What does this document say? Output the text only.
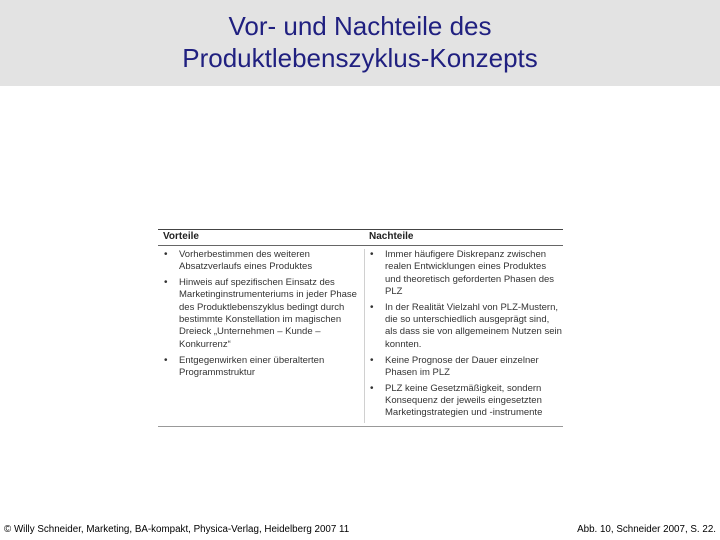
Vor- und Nachteile des
Produktlebenszyklus-Konzepts
Vorteile	Nachteile
• Vorherbestimmen des weiteren Absatzverlaufs eines Produktes
• Hinweis auf spezifischen Einsatz des Marketinginstrumenteriums in jeder Phase des Produktlebenszyklus bedingt durch bestimmte Konstellation im magischen Dreieck „Unternehmen – Kunde – Konkurrenz“
• Entgegenwirken einer überalterten Programmstruktur
• Immer häufigere Diskrepanz zwischen realen Entwicklungen eines Produktes und theoretisch geforderten Phasen des PLZ
• In der Realität Vielzahl von PLZ-Mustern, die so unterschiedlich ausgeprägt sind, als dass sie von allgemeinem Nutzen sein konnten.
• Keine Prognose der Dauer einzelner Phasen im PLZ
• PLZ keine Gesetzmäßigkeit, sondern Konsequenz der jeweils eingesetzten Marketingstrategien und -instrumente
© Willy Schneider, Marketing, BA-kompakt, Physica-Verlag, Heidelberg 2007 11	Abb. 10, Schneider 2007, S. 22.
